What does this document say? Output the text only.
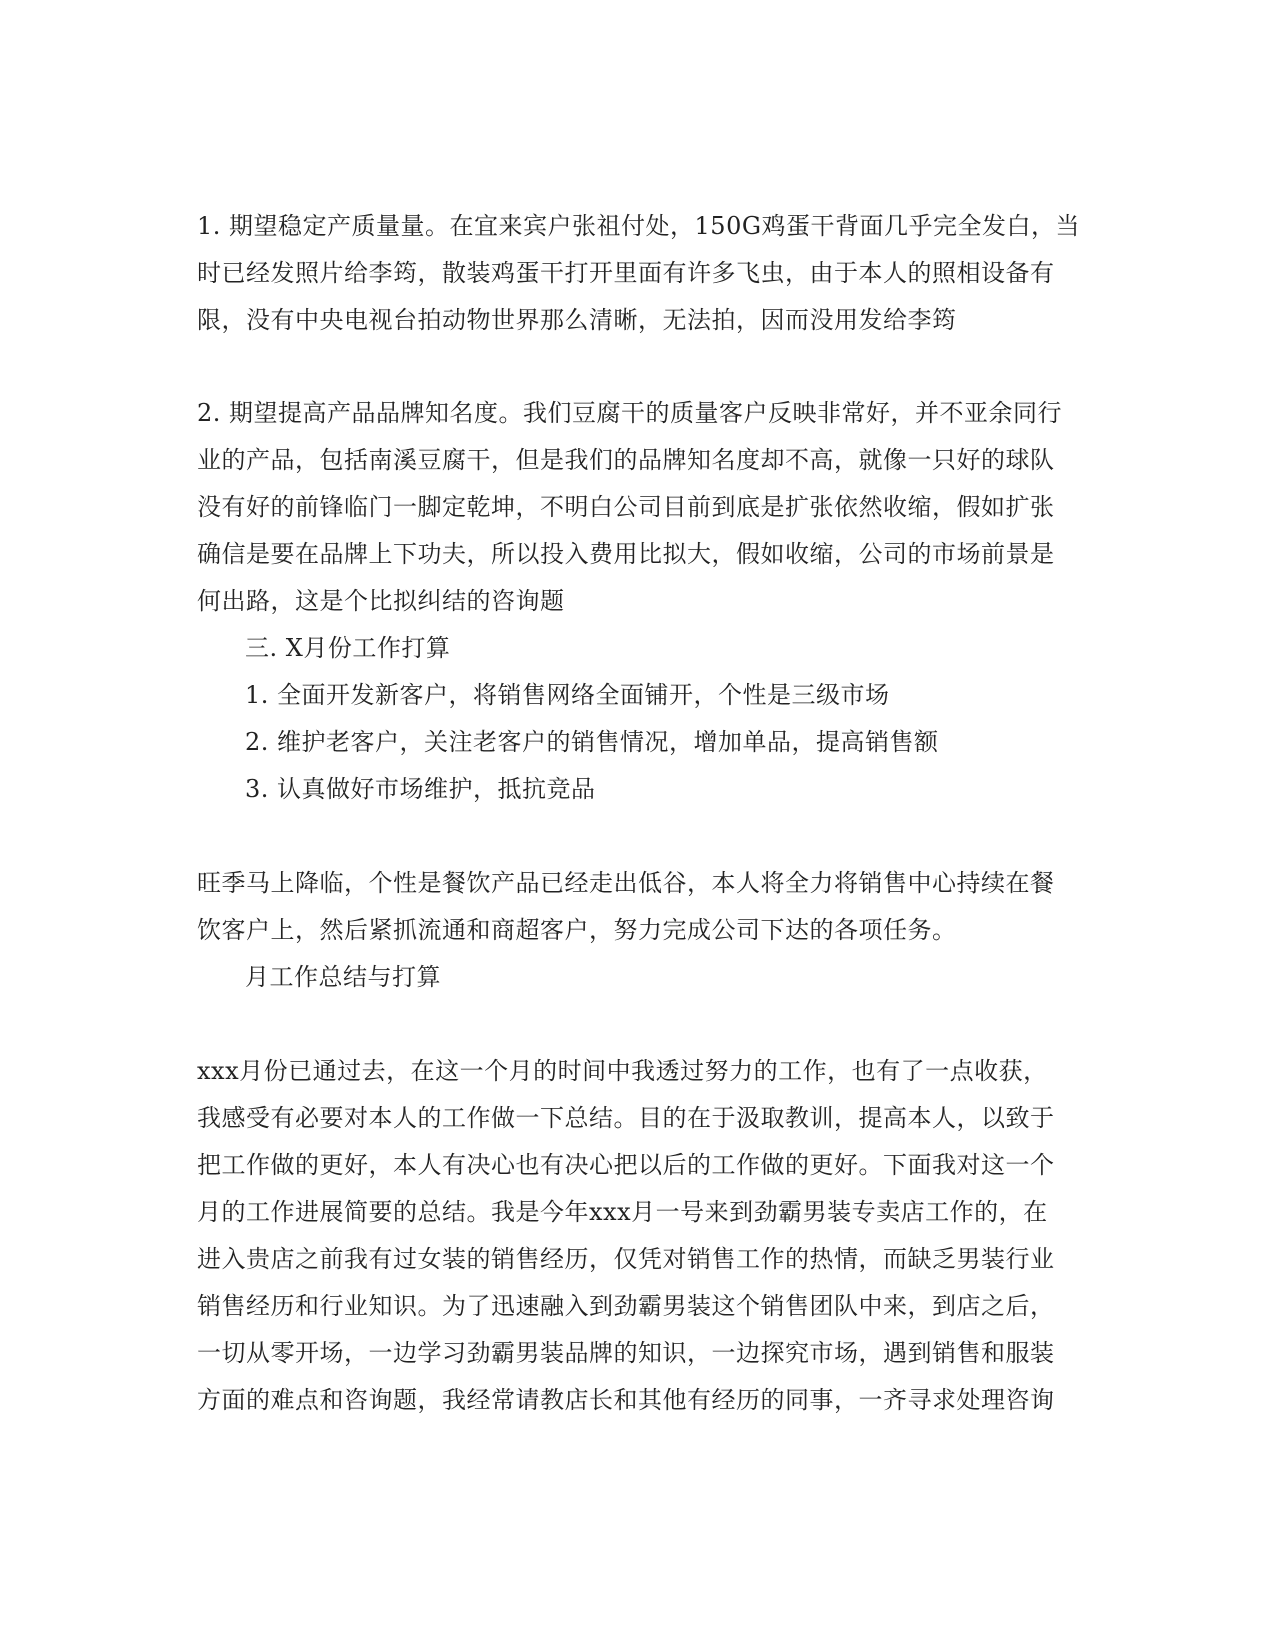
1. 期望稳定产质量量。在宜来宾户张祖付处，150G鸡蛋干背面几乎完全发白，当
时已经发照片给李筠，散装鸡蛋干打开里面有许多飞虫，由于本人的照相设备有
限，没有中央电视台拍动物世界那么清晰，无法拍，因而没用发给李筠
2. 期望提高产品品牌知名度。我们豆腐干的质量客户反映非常好，并不亚余同行
业的产品，包括南溪豆腐干，但是我们的品牌知名度却不高，就像一只好的球队
没有好的前锋临门一脚定乾坤，不明白公司目前到底是扩张依然收缩，假如扩张
确信是要在品牌上下功夫，所以投入费用比拟大，假如收缩，公司的市场前景是
何出路，这是个比拟纠结的咨询题
三. X月份工作打算
1. 全面开发新客户，将销售网络全面铺开，个性是三级市场
2. 维护老客户，关注老客户的销售情况，增加单品，提高销售额
3. 认真做好市场维护，抵抗竞品
旺季马上降临，个性是餐饮产品已经走出低谷，本人将全力将销售中心持续在餐
饮客户上，然后紧抓流通和商超客户，努力完成公司下达的各项任务。
月工作总结与打算
xxx月份已通过去，在这一个月的时间中我透过努力的工作，也有了一点收获，
我感受有必要对本人的工作做一下总结。目的在于汲取教训，提高本人，以致于
把工作做的更好，本人有决心也有决心把以后的工作做的更好。下面我对这一个
月的工作进展简要的总结。我是今年xxx月一号来到劲霸男装专卖店工作的，在
进入贵店之前我有过女装的销售经历，仅凭对销售工作的热情，而缺乏男装行业
销售经历和行业知识。为了迅速融入到劲霸男装这个销售团队中来，到店之后，
一切从零开场，一边学习劲霸男装品牌的知识，一边探究市场，遇到销售和服装
方面的难点和咨询题，我经常请教店长和其他有经历的同事，一齐寻求处理咨询
